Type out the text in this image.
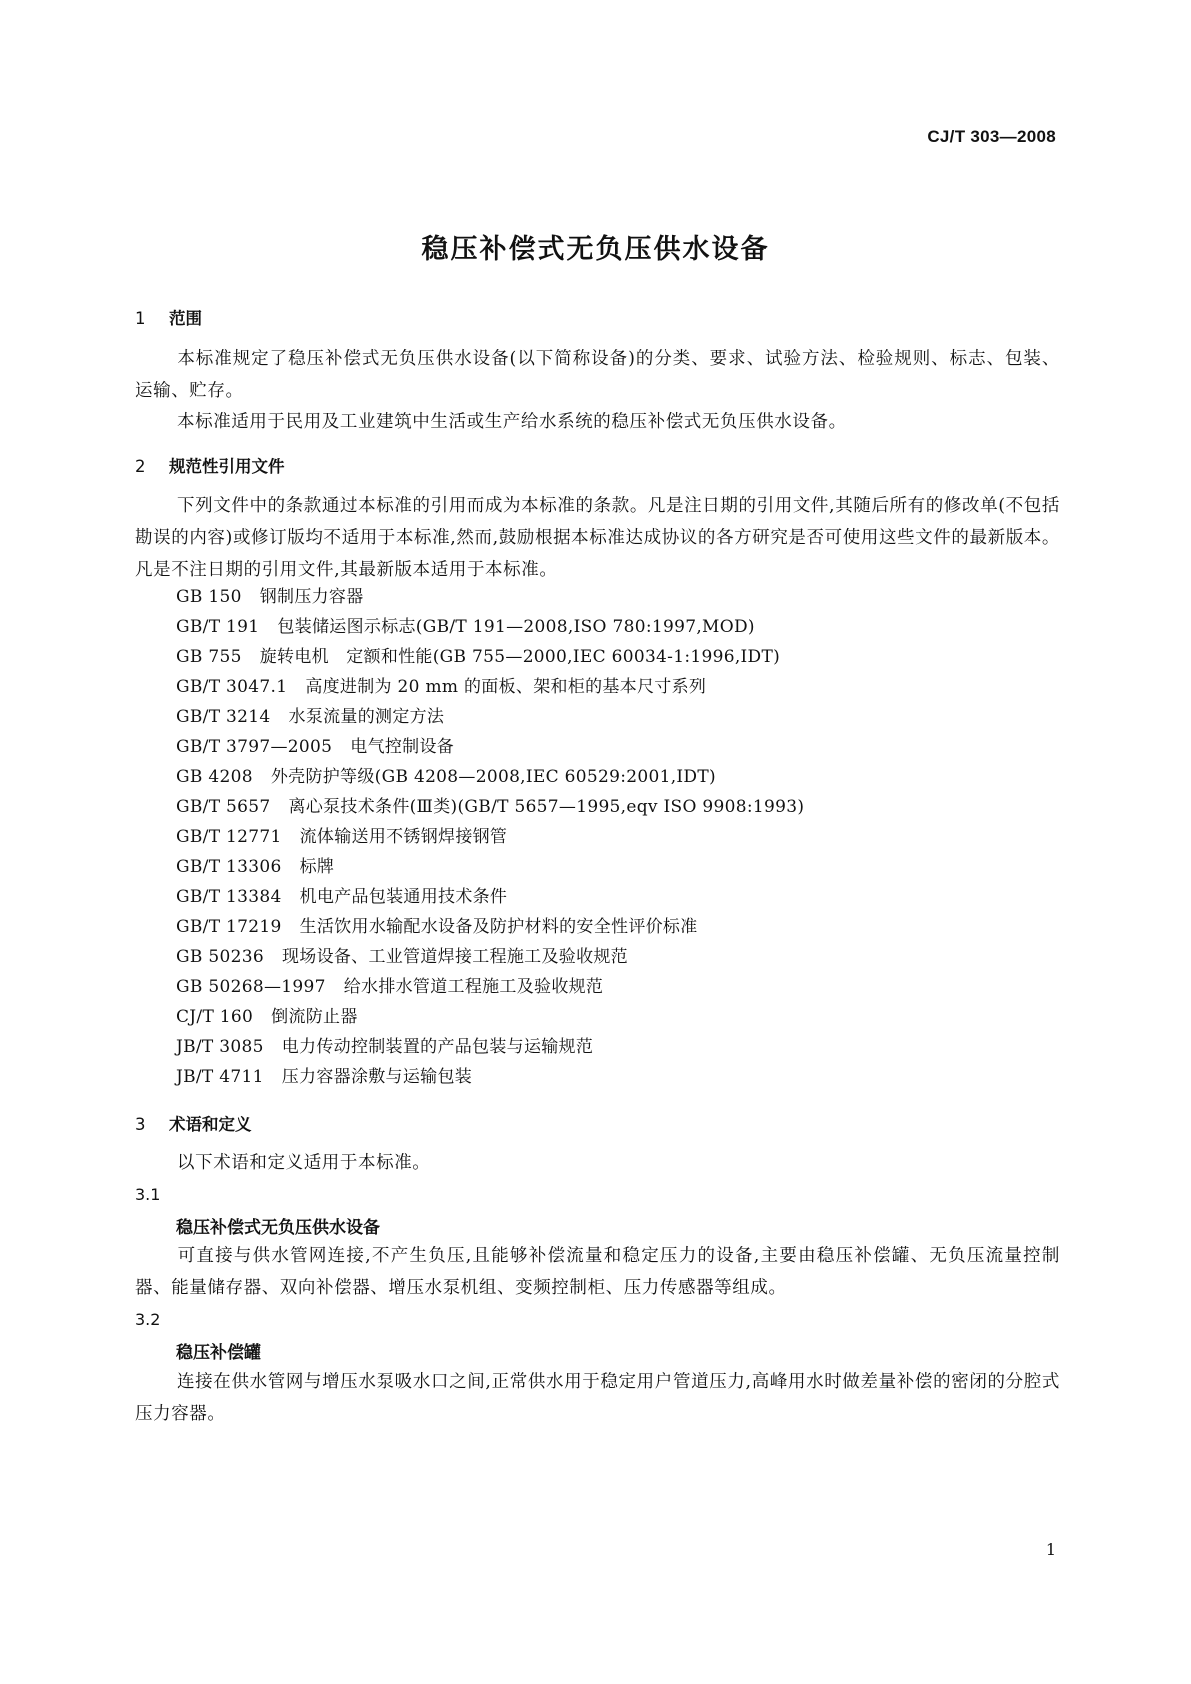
CJ/T 303—2008
稳压补偿式无负压供水设备
1 范围
本标准规定了稳压补偿式无负压供水设备(以下简称设备)的分类、要求、试验方法、检验规则、标志、包装、运输、贮存。
本标准适用于民用及工业建筑中生活或生产给水系统的稳压补偿式无负压供水设备。
2 规范性引用文件
下列文件中的条款通过本标准的引用而成为本标准的条款。凡是注日期的引用文件,其随后所有的修改单(不包括勘误的内容)或修订版均不适用于本标准,然而,鼓励根据本标准达成协议的各方研究是否可使用这些文件的最新版本。凡是不注日期的引用文件,其最新版本适用于本标准。
GB 150 钢制压力容器
GB/T 191 包装储运图示标志(GB/T 191—2008,ISO 780:1997,MOD)
GB 755 旋转电机　定额和性能(GB 755—2000,IEC 60034-1:1996,IDT)
GB/T 3047.1 高度进制为 20 mm 的面板、架和柜的基本尺寸系列
GB/T 3214 水泵流量的测定方法
GB/T 3797—2005 电气控制设备
GB 4208 外壳防护等级(GB 4208—2008,IEC 60529:2001,IDT)
GB/T 5657 离心泵技术条件(Ⅲ类)(GB/T 5657—1995,eqv ISO 9908:1993)
GB/T 12771 流体输送用不锈钢焊接钢管
GB/T 13306 标牌
GB/T 13384 机电产品包装通用技术条件
GB/T 17219 生活饮用水输配水设备及防护材料的安全性评价标准
GB 50236 现场设备、工业管道焊接工程施工及验收规范
GB 50268—1997 给水排水管道工程施工及验收规范
CJ/T 160 倒流防止器
JB/T 3085 电力传动控制装置的产品包装与运输规范
JB/T 4711 压力容器涂敷与运输包装
3 术语和定义
以下术语和定义适用于本标准。
3.1
稳压补偿式无负压供水设备
可直接与供水管网连接,不产生负压,且能够补偿流量和稳定压力的设备,主要由稳压补偿罐、无负压流量控制器、能量储存器、双向补偿器、增压水泵机组、变频控制柜、压力传感器等组成。
3.2
稳压补偿罐
连接在供水管网与增压水泵吸水口之间,正常供水用于稳定用户管道压力,高峰用水时做差量补偿的密闭的分腔式压力容器。
1
